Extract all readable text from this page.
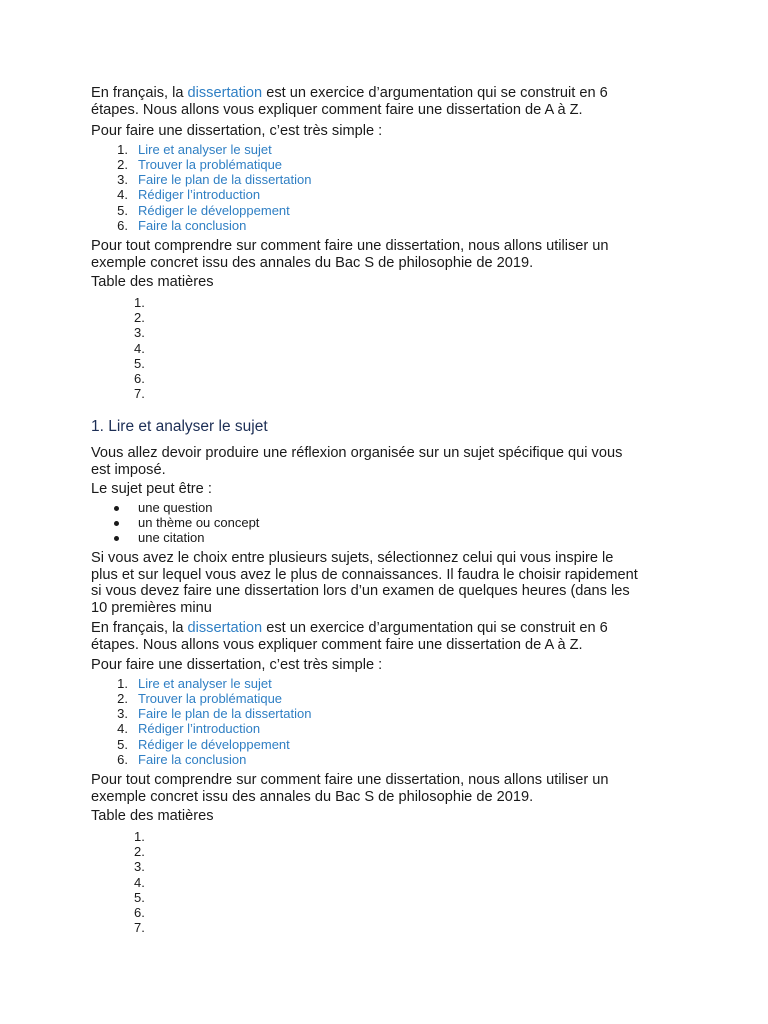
En français, la dissertation est un exercice d’argumentation qui se construit en 6
étapes. Nous allons vous expliquer comment faire une dissertation de A à Z.

Pour faire une dissertation, c’est très simple :

1. Lire et analyser le sujet
2. Trouver la problématique
3. Faire le plan de la dissertation
4. Rédiger l’introduction
5. Rédiger le développement
6. Faire la conclusion

Pour tout comprendre sur comment faire une dissertation, nous allons utiliser un
exemple concret issu des annales du Bac S de philosophie de 2019.

Table des matières

1.
2.
3.
4.
5.
6.
7.
1. Lire et analyser le sujet

Vous allez devoir produire une réflexion organisée sur un sujet spécifique qui vous
est imposé.

Le sujet peut être :

une question
un thème ou concept
une citation

Si vous avez le choix entre plusieurs sujets, sélectionnez celui qui vous inspire le
plus et sur lequel vous avez le plus de connaissances. Il faudra le choisir rapidement
si vous devez faire une dissertation lors d’un examen de quelques heures (dans les
10 premières minu

En français, la dissertation est un exercice d’argumentation qui se construit en 6
étapes. Nous allons vous expliquer comment faire une dissertation de A à Z.

Pour faire une dissertation, c’est très simple :

1. Lire et analyser le sujet
2. Trouver la problématique
3. Faire le plan de la dissertation
4. Rédiger l’introduction
5. Rédiger le développement
6. Faire la conclusion

Pour tout comprendre sur comment faire une dissertation, nous allons utiliser un
exemple concret issu des annales du Bac S de philosophie de 2019.

Table des matières

1.
2.
3.
4.
5.
6.
7.
